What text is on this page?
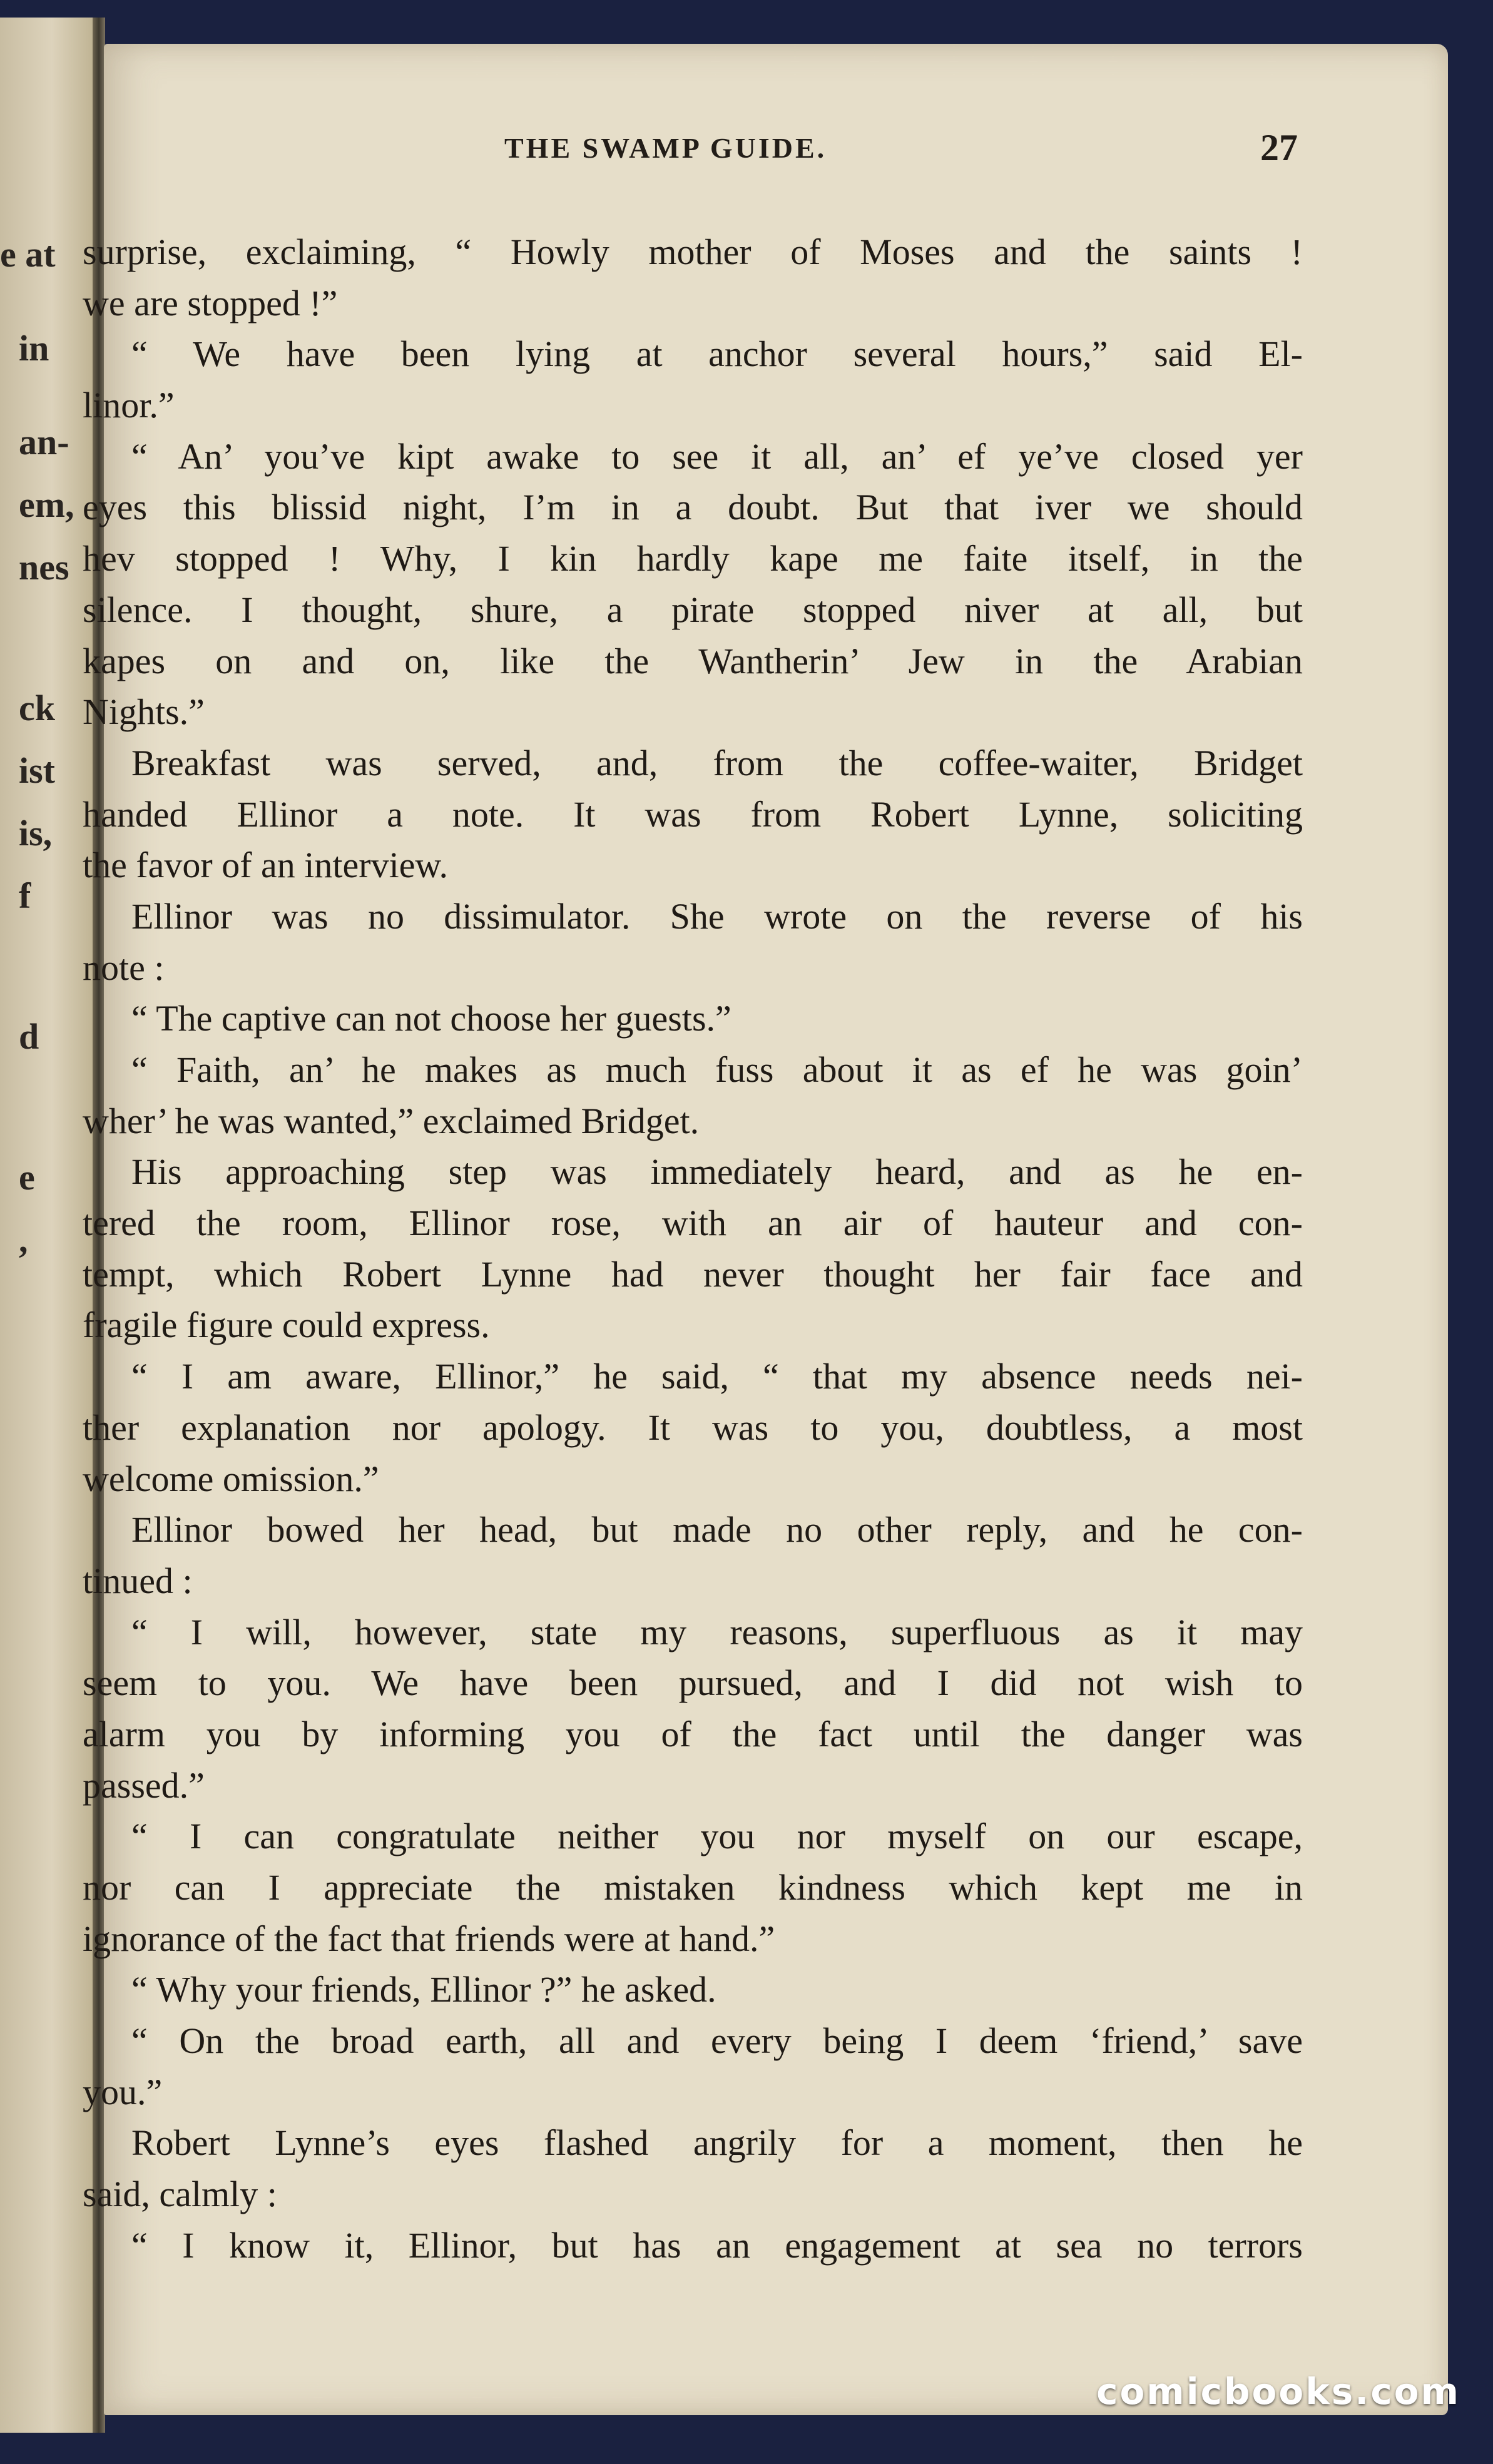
e at
in
an-
em,
nes
ck
ist
is,
f
d
e
,
THE SWAMP GUIDE.	27
surprise, exclaiming, “ Howly mother of Moses and the saints !
we are stopped !”
“ We have been lying at anchor several hours,” said El-
linor.”
“ An’ you’ve kipt awake to see it all, an’ ef ye’ve closed yer
eyes this blissid night, I’m in a doubt. But that iver we should
hev stopped ! Why, I kin hardly kape me faite itself, in the
silence. I thought, shure, a pirate stopped niver at all, but
kapes on and on, like the Wantherin’ Jew in the Arabian
Nights.”
Breakfast was served, and, from the coffee-waiter, Bridget
handed Ellinor a note. It was from Robert Lynne, soliciting
the favor of an interview.
Ellinor was no dissimulator. She wrote on the reverse of his
note :
“ The captive can not choose her guests.”
“ Faith, an’ he makes as much fuss about it as ef he was goin’
wher’ he was wanted,” exclaimed Bridget.
His approaching step was immediately heard, and as he en-
tered the room, Ellinor rose, with an air of hauteur and con-
tempt, which Robert Lynne had never thought her fair face and
fragile figure could express.
“ I am aware, Ellinor,” he said, “ that my absence needs nei-
ther explanation nor apology. It was to you, doubtless, a most
welcome omission.”
Ellinor bowed her head, but made no other reply, and he con-
tinued :
“ I will, however, state my reasons, superfluous as it may
seem to you. We have been pursued, and I did not wish to
alarm you by informing you of the fact until the danger was
passed.”
“ I can congratulate neither you nor myself on our escape,
nor can I appreciate the mistaken kindness which kept me in
ignorance of the fact that friends were at hand.”
“ Why your friends, Ellinor ?” he asked.
“ On the broad earth, all and every being I deem ‘friend,’ save
you.”
Robert Lynne’s eyes flashed angrily for a moment, then he
said, calmly :
“ I know it, Ellinor, but has an engagement at sea no terrors
comicbooks.com
